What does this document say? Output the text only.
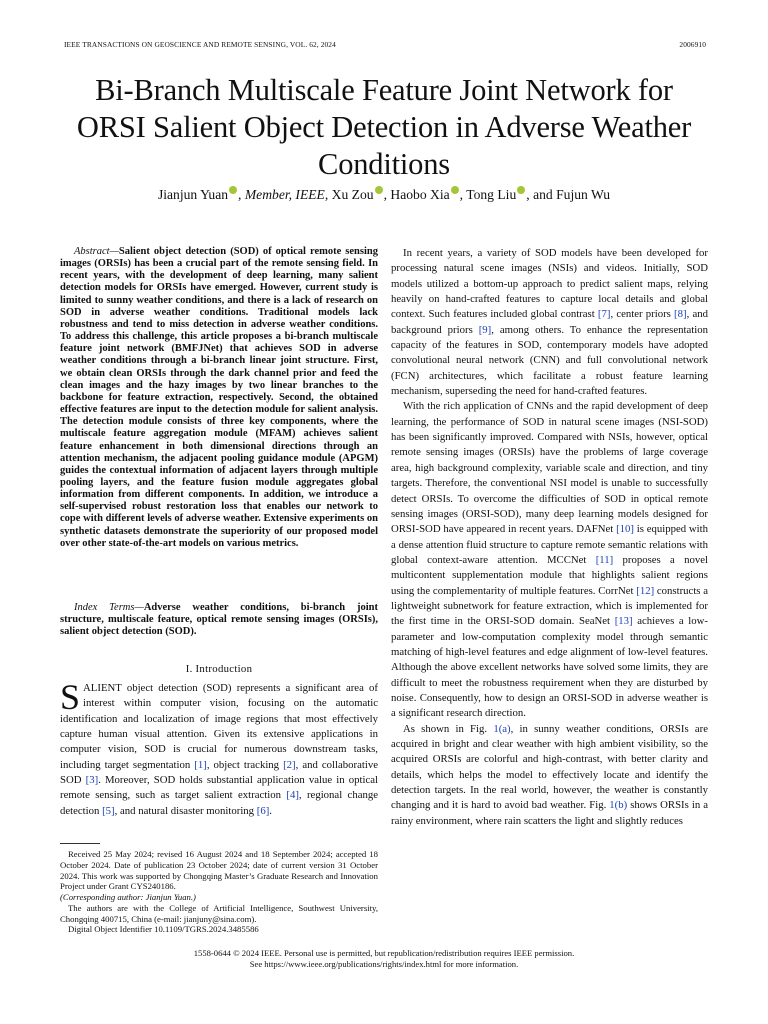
IEEE TRANSACTIONS ON GEOSCIENCE AND REMOTE SENSING, VOL. 62, 2024	2006910
Bi-Branch Multiscale Feature Joint Network for ORSI Salient Object Detection in Adverse Weather Conditions
Jianjun Yuan , Member, IEEE, Xu Zou , Haobo Xia , Tong Liu , and Fujun Wu
Abstract—Salient object detection (SOD) of optical remote sensing images (ORSIs) has been a crucial part of the remote sensing field. In recent years, with the development of deep learning, many salient detection models for ORSIs have emerged. However, current study is limited to sunny weather conditions, and there is a lack of research on SOD in adverse weather conditions. Traditional models lack robustness and tend to miss detection in adverse weather conditions. To address this challenge, this article proposes a bi-branch multiscale feature joint network (BMFJNet) that achieves SOD in adverse weather conditions through a bi-branch linear joint structure. First, we obtain clean ORSIs through the dark channel prior and feed the clean images and the hazy images by two linear branches to the backbone for feature extraction, respectively. Second, the obtained effective features are input to the detection module for salient analysis. The detection module consists of three key components, where the multiscale feature aggregation module (MFAM) achieves salient feature enhancement in both dimensional directions through an attention mechanism, the adjacent pooling guidance module (APGM) guides the contextual information of adjacent layers through multiple pooling layers, and the feature fusion module aggregates global information from different components. In addition, we introduce a self-supervised robust restoration loss that enables our network to cope with different levels of adverse weather. Extensive experiments on synthetic datasets demonstrate the superiority of our proposed model over other state-of-the-art models on various metrics.
Index Terms—Adverse weather conditions, bi-branch joint structure, multiscale feature, optical remote sensing images (ORSIs), salient object detection (SOD).
I. Introduction
SALIENT object detection (SOD) represents a significant area of interest within computer vision, focusing on the automatic identification and localization of image regions that most effectively capture human visual attention. Given its extensive applications in computer vision, SOD is crucial for numerous downstream tasks, including target segmentation [1], object tracking [2], and collaborative SOD [3]. Moreover, SOD holds substantial application value in optical remote sensing, such as target salient extraction [4], regional change detection [5], and natural disaster monitoring [6].

Received 25 May 2024; revised 16 August 2024 and 18 September 2024; accepted 18 October 2024. Date of publication 23 October 2024; date of current version 31 October 2024. This work was supported by Chongqing Master’s Graduate Research and Innovation Project under Grant CYS240186.

(Corresponding author: Jianjun Yuan.)

The authors are with the College of Artificial Intelligence, Southwest University, Chongqing 400715, China (e-mail: jianjuny@sina.com).

Digital Object Identifier 10.1109/TGRS.2024.3485586

In recent years, a variety of SOD models have been developed for processing natural scene images (NSIs) and videos. Initially, SOD models utilized a bottom-up approach to predict salient maps, relying heavily on hand-crafted features to capture local details and global context. Such features included global contrast [7], center priors [8], and background priors [9], among others. To enhance the representation capacity of the features in SOD, contemporary models have adopted convolutional neural network (CNN) and full convolutional network (FCN) architectures, which facilitate a robust feature learning mechanism, superseding the need for hand-crafted features.

With the rich application of CNNs and the rapid development of deep learning, the performance of SOD in natural scene images (NSI-SOD) has been significantly improved. Compared with NSIs, however, optical remote sensing images (ORSIs) have the problems of large coverage area, high background complexity, variable scale and direction, and tiny targets. Therefore, the conventional NSI model is unable to successfully detect ORSIs. To overcome the difficulties of SOD in optical remote sensing images (ORSI-SOD), many deep learning models designed for ORSI-SOD have appeared in recent years. DAFNet [10] is equipped with a dense attention fluid structure to capture remote semantic relations with global context-aware attention. MCCNet [11] proposes a novel multicontent supplementation module that highlights salient regions using the complementarity of multiple features. CorrNet [12] constructs a lightweight subnetwork for feature extraction, which is implemented for the first time in the ORSI-SOD domain. SeaNet [13] achieves a low-parameter and low-computation complexity model through semantic matching of high-level features and edge alignment of low-level features. Although the above excellent networks have solved some limits, they are difficult to meet the robustness requirement when they are disturbed by noise. Consequently, how to design an ORSI-SOD in adverse weather is a significant research direction.

As shown in Fig. 1(a), in sunny weather conditions, ORSIs are acquired in bright and clear weather with high ambient visibility, so the acquired ORSIs are colorful and high-contrast, with better clarity and details, which helps the model to effectively locate and identify the detection targets. In the real world, however, the weather is constantly changing and it is hard to avoid bad weather. Fig. 1(b) shows ORSIs in a rainy environment, where rain scatters the light and slightly reduces

1558-0644 © 2024 IEEE. Personal use is permitted, but republication/redistribution requires IEEE permission.
See https://www.ieee.org/publications/rights/index.html for more information.
